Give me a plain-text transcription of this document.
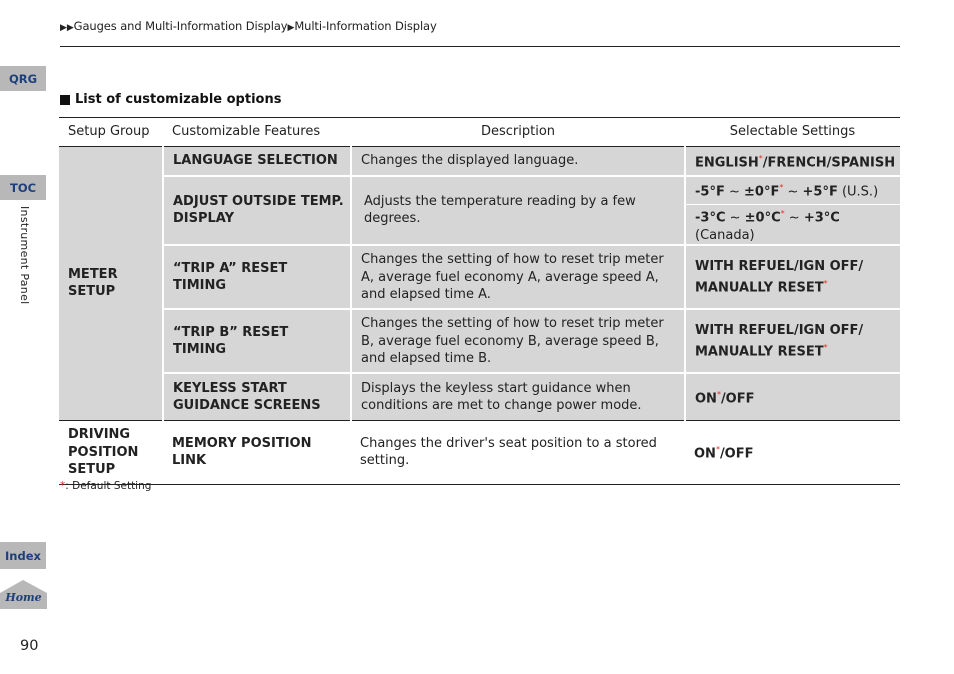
▶▶Gauges and Multi-Information Display▶Multi-Information Display
QRG
TOC
Instrument Panel
Index
Home
90
List of customizable options
Setup Group	Customizable Features	Description	Selectable Settings

METER SETUP	LANGUAGE SELECTION	Changes the displayed language.	ENGLISH*/FRENCH/SPANISH
	ADJUST OUTSIDE TEMP. DISPLAY	Adjusts the temperature reading by a few degrees.	-5°F ~ ±0°F* ~ +5°F (U.S.)
			-3°C ~ ±0°C* ~ +3°C (Canada)
	“TRIP A” RESET TIMING	Changes the setting of how to reset trip meter A, average fuel economy A, average speed A, and elapsed time A.	WITH REFUEL/IGN OFF/
MANUALLY RESET*
	“TRIP B” RESET TIMING	Changes the setting of how to reset trip meter B, average fuel economy B, average speed B, and elapsed time B.	WITH REFUEL/IGN OFF/
MANUALLY RESET*
	KEYLESS START GUIDANCE SCREENS	Displays the keyless start guidance when conditions are met to change power mode.	ON*/OFF

DRIVING POSITION SETUP	MEMORY POSITION LINK	Changes the driver's seat position to a stored setting.	ON*/OFF
*: Default Setting
